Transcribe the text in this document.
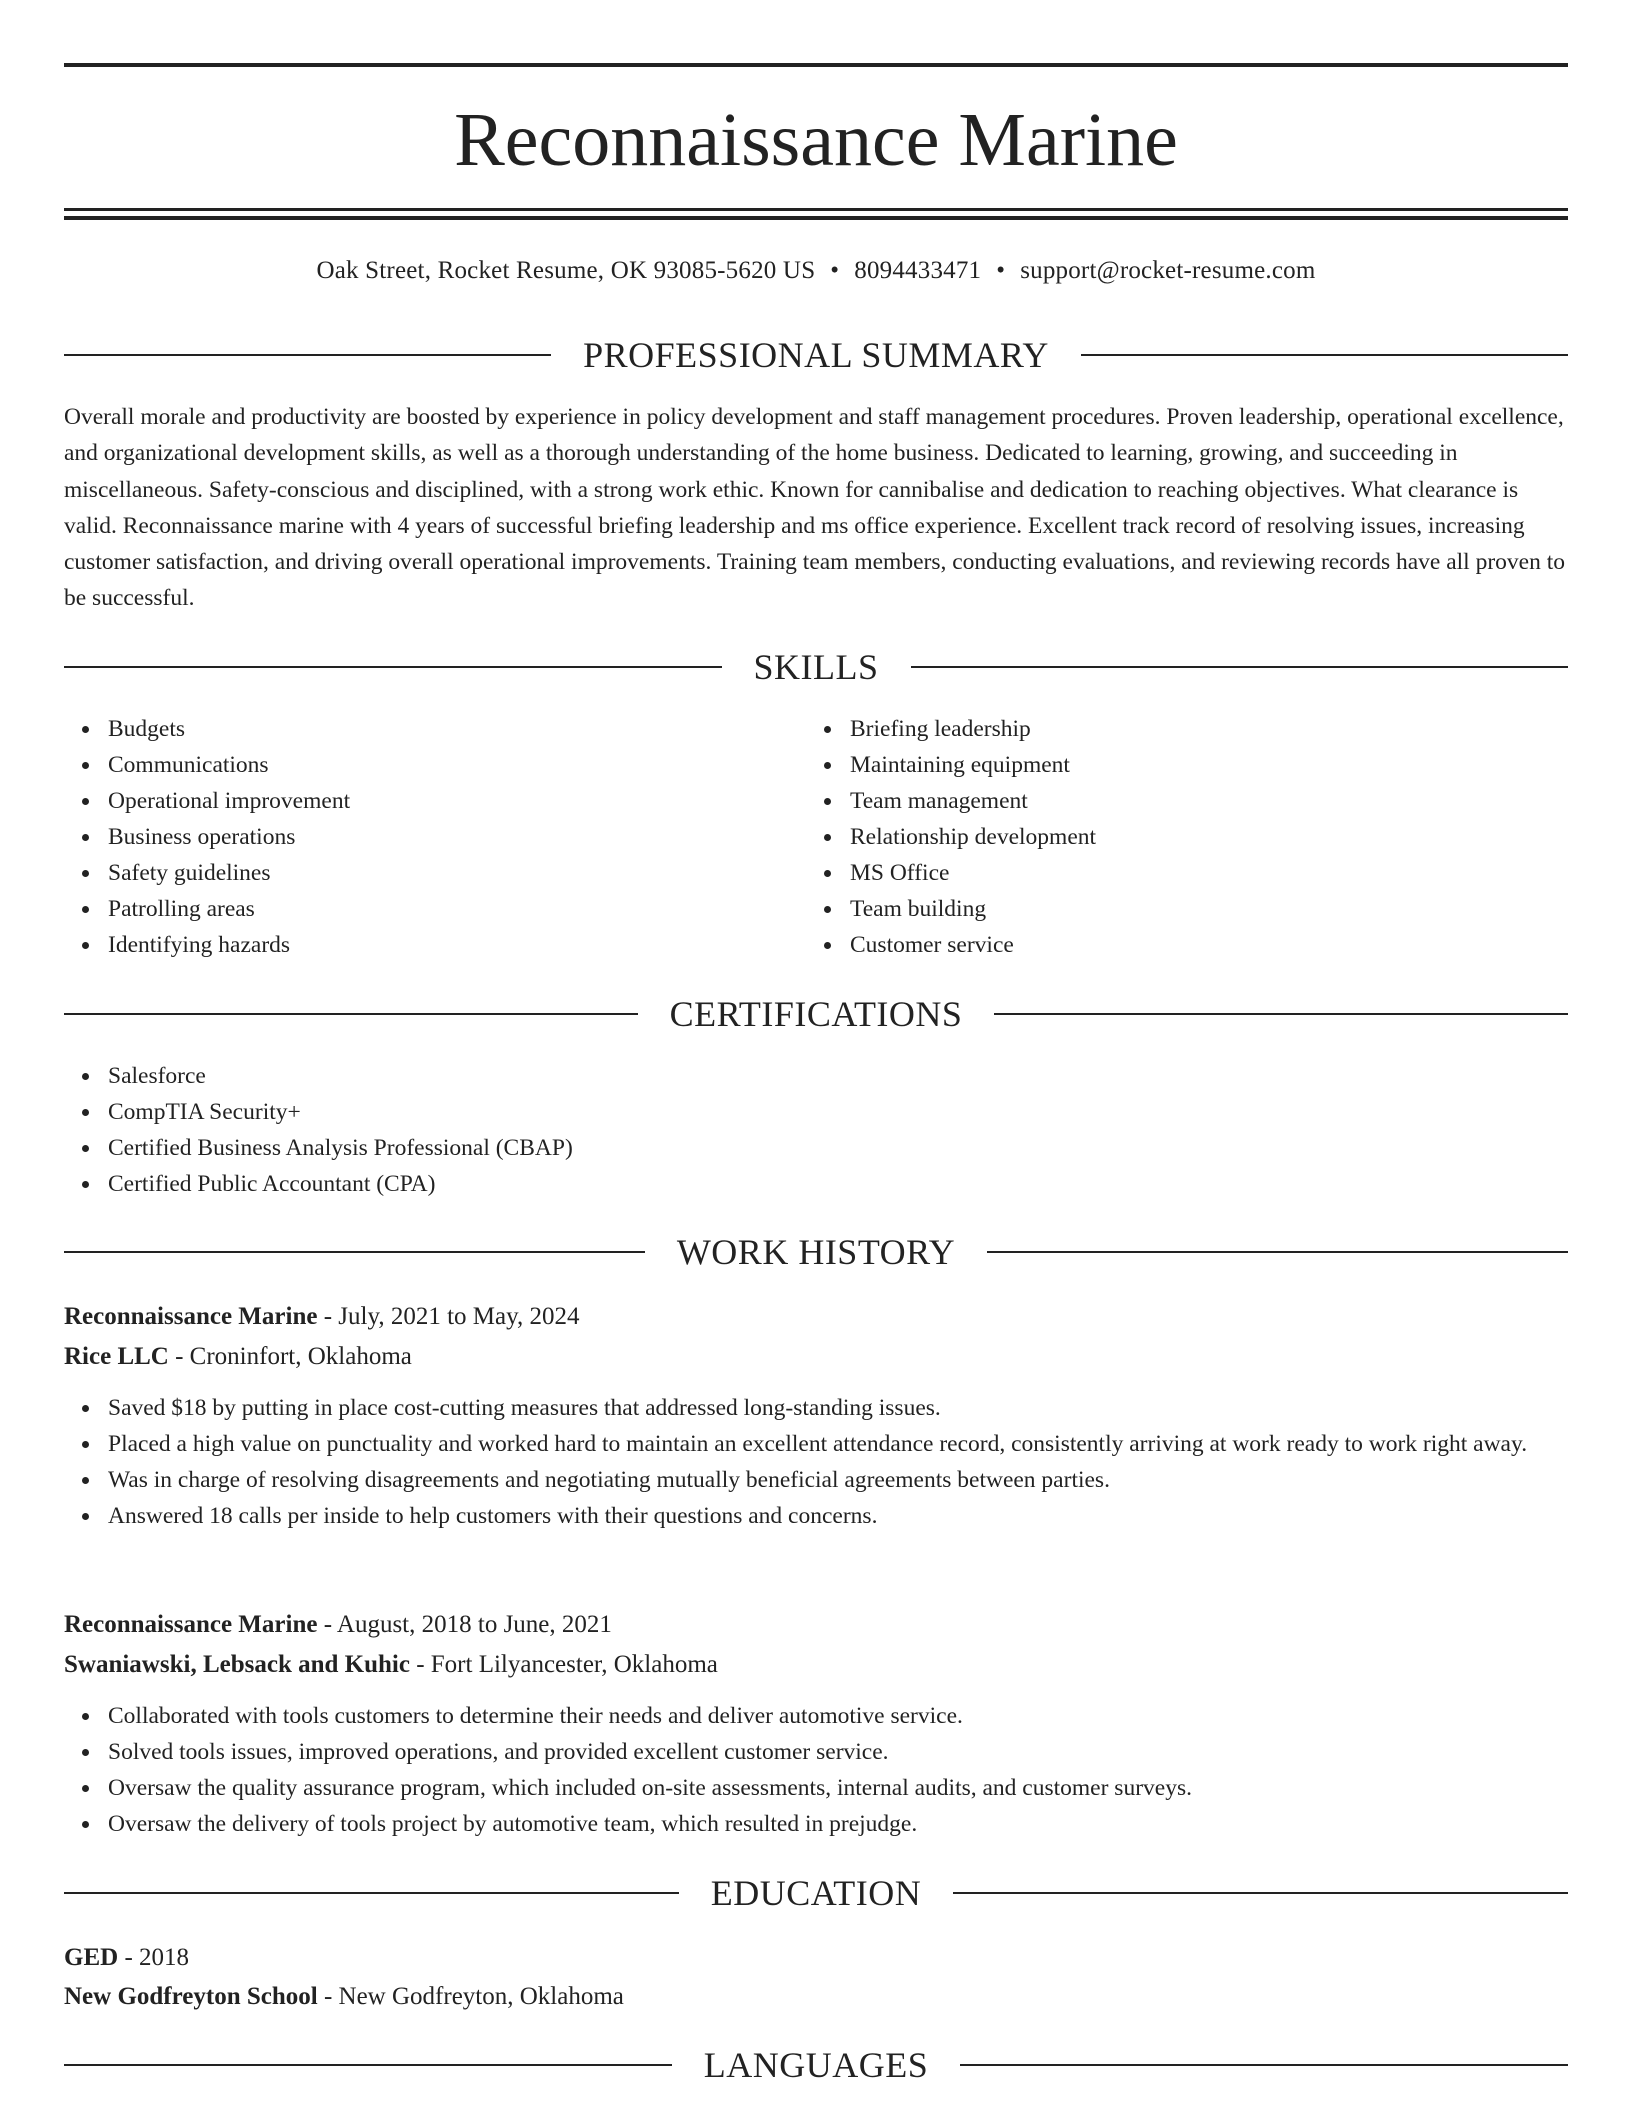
Reconnaissance Marine
Oak Street, Rocket Resume, OK 93085-5620 US • 8094433471 • support@rocket-resume.com
PROFESSIONAL SUMMARY

Overall morale and productivity are boosted by experience in policy development and staff management procedures. Proven leadership, operational excellence, and organizational development skills, as well as a thorough understanding of the home business. Dedicated to learning, growing, and succeeding in miscellaneous. Safety-conscious and disciplined, with a strong work ethic. Known for cannibalise and dedication to reaching objectives. What clearance is valid. Reconnaissance marine with 4 years of successful briefing leadership and ms office experience. Excellent track record of resolving issues, increasing customer satisfaction, and driving overall operational improvements. Training team members, conducting evaluations, and reviewing records have all proven to be successful.

SKILLS
Budgets
Communications
Operational improvement
Business operations
Safety guidelines
Patrolling areas
Identifying hazards
Briefing leadership
Maintaining equipment
Team management
Relationship development
MS Office
Team building
Customer service
CERTIFICATIONS
Salesforce
CompTIA Security+
Certified Business Analysis Professional (CBAP)
Certified Public Accountant (CPA)
WORK HISTORY

Reconnaissance Marine - July, 2021 to May, 2024

Rice LLC - Croninfort, Oklahoma

Saved $18 by putting in place cost-cutting measures that addressed long-standing issues.
Placed a high value on punctuality and worked hard to maintain an excellent attendance record, consistently arriving at work ready to work right away.
Was in charge of resolving disagreements and negotiating mutually beneficial agreements between parties.
Answered 18 calls per inside to help customers with their questions and concerns.

Reconnaissance Marine - August, 2018 to June, 2021

Swaniawski, Lebsack and Kuhic - Fort Lilyancester, Oklahoma

Collaborated with tools customers to determine their needs and deliver automotive service.
Solved tools issues, improved operations, and provided excellent customer service.
Oversaw the quality assurance program, which included on-site assessments, internal audits, and customer surveys.
Oversaw the delivery of tools project by automotive team, which resulted in prejudge.
EDUCATION

GED - 2018

New Godfreyton School - New Godfreyton, Oklahoma

LANGUAGES
